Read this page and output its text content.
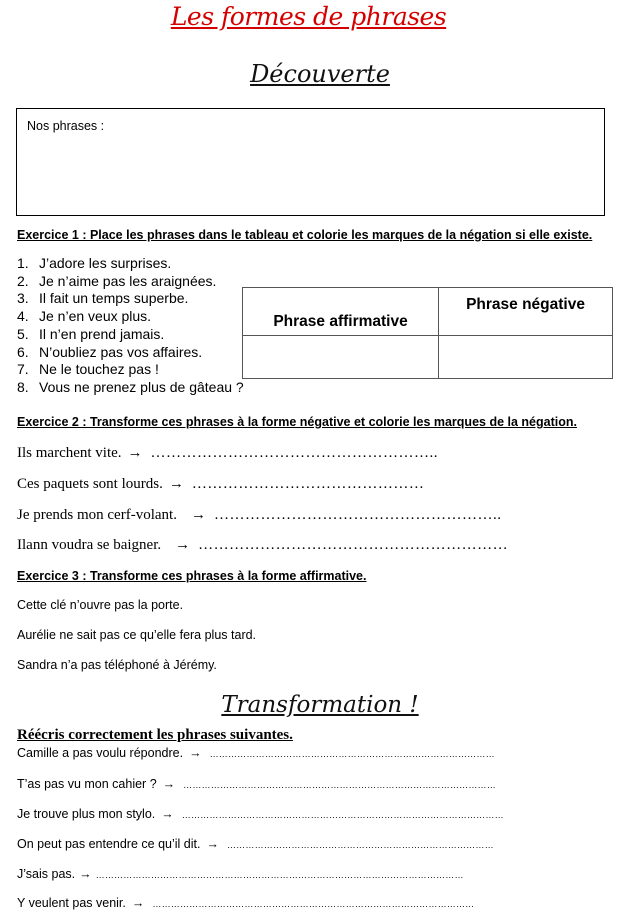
Les formes de phrases
Découverte
Nos phrases :
Exercice 1 : Place les phrases dans le tableau et colorie les marques de la négation si elle existe.
1. J’adore les surprises.
2. Je n’aime pas les araignées.
3. Il fait un temps superbe.
4. Je n’en veux plus.
5. Il n’en prend jamais.
6. N’oubliez pas vos affaires.
7. Ne le touchez pas !
8. Vous ne prenez plus de gâteau ?
Phrase affirmative	Phrase négative

Exercice 2 : Transforme ces phrases à la forme négative et colorie les marques de la négation.
Ils marchent vite. → ………………………………………………..
Ces paquets sont lourds. → ………………………………………
Je prends mon cerf-volant. → ………………………………………………..
Ilann voudra se baigner. → ……………………………………………………
Exercice 3 : Transforme ces phrases à la forme affirmative.
Cette clé n’ouvre pas la porte.
Aurélie ne sait pas ce qu’elle fera plus tard.
Sandra n’a pas téléphoné à Jérémy.
Transformation !
Réécris correctement les phrases suivantes.
Camille a pas voulu répondre. → …………………………………………………………………………………
T’as pas vu mon cahier ? → …………………………………………………………………………………………
Je trouve plus mon stylo. → ……………………………………………………………………………………………
On peut pas entendre ce qu’il dit. → ……………………………………………………………………………
J’sais pas. → …………………………………………………………………………………………………………
Y veulent pas venir. → ……………………………………………………………………………………………
